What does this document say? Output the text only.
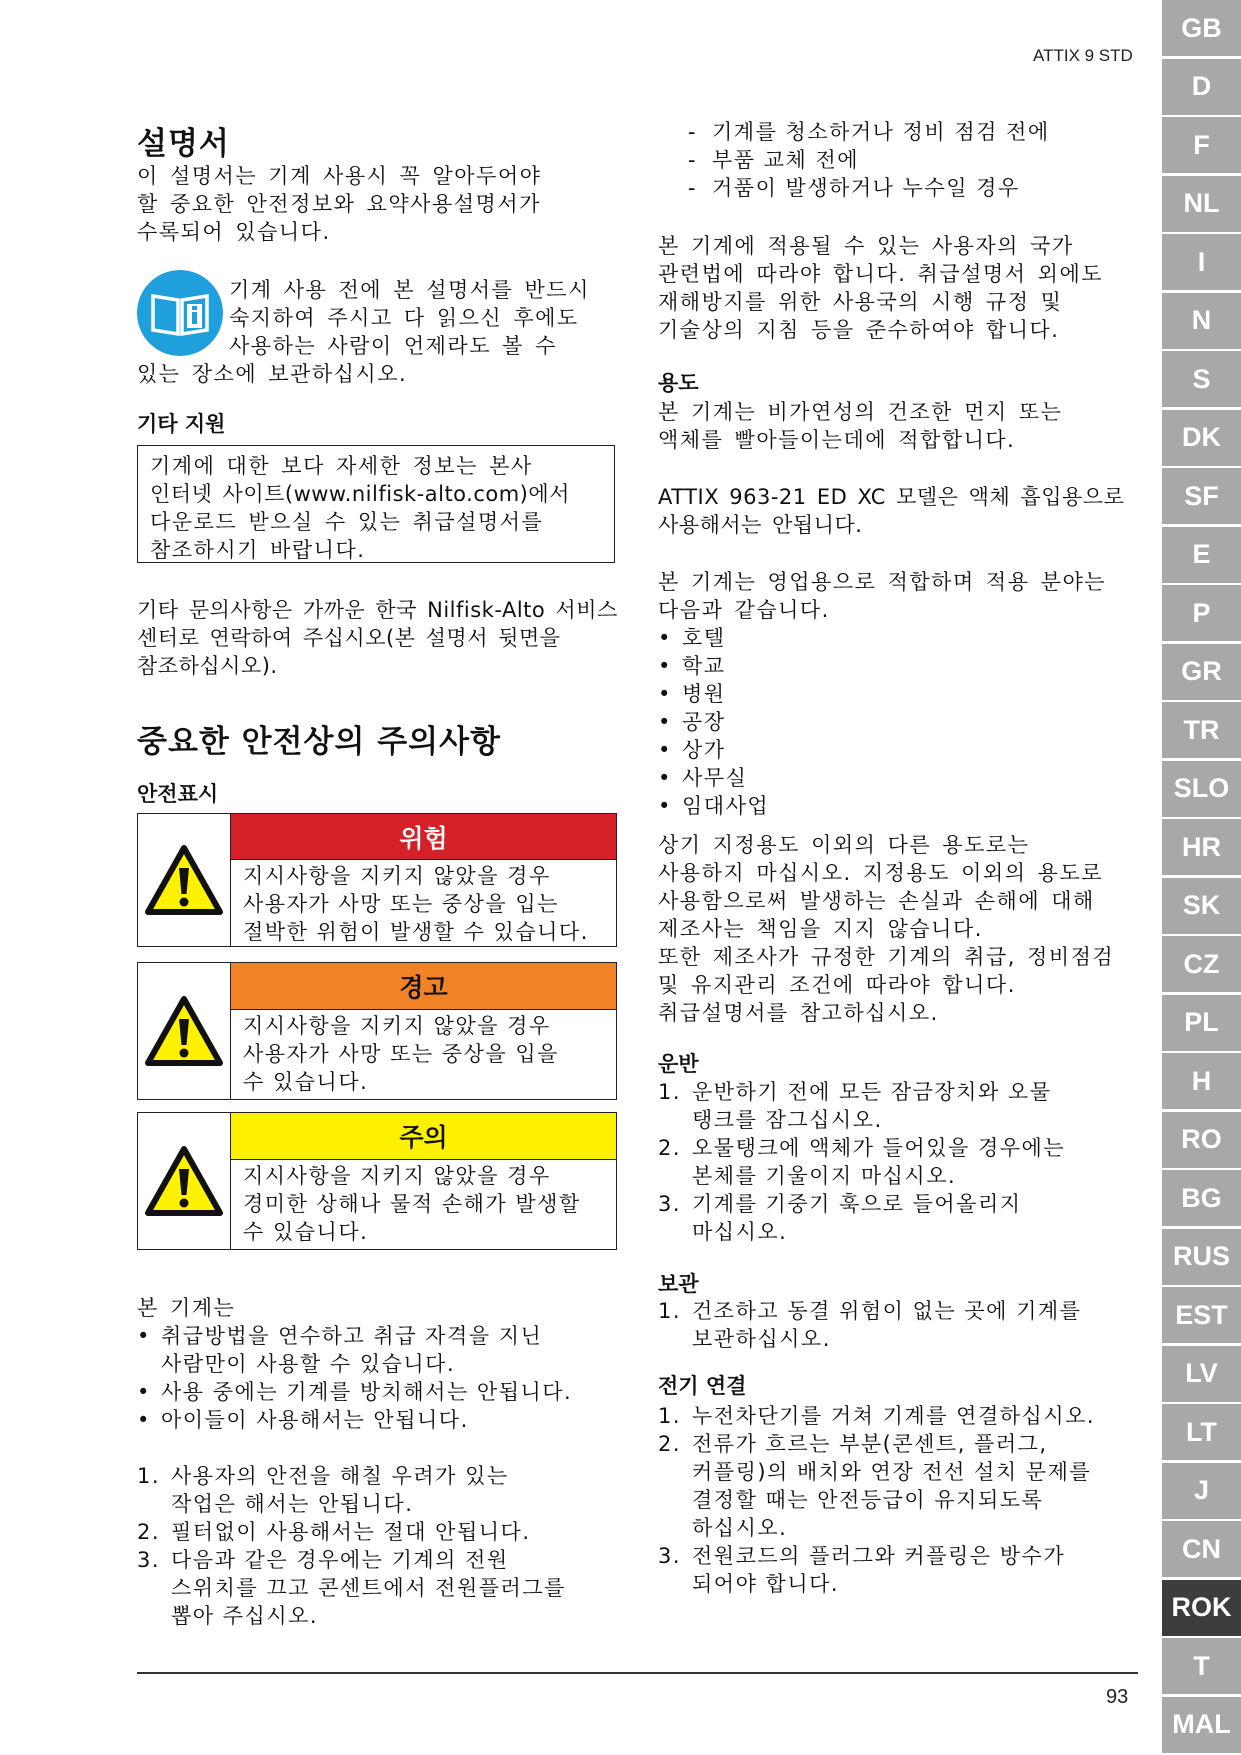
ATTIX 9 STD
GB
D
F
NL
I
N
S
DK
SF
E
P
GR
TR
SLO
HR
SK
CZ
PL
H
RO
BG
RUS
EST
LV
LT
J
CN
ROK
T
MAL
설명서
이 설명서는 기계 사용시 꼭 알아두어야
할 중요한 안전정보와 요약사용설명서가
수록되어 있습니다.
기계 사용 전에 본 설명서를 반드시
숙지하여 주시고 다 읽으신 후에도
사용하는 사람이 언제라도 볼 수
있는 장소에 보관하십시오.
기타 지원
기계에 대한 보다 자세한 정보는 본사
인터넷 사이트(www.nilfisk-alto.com)에서
다운로드 받으실 수 있는 취급설명서를
참조하시기 바랍니다.
기타 문의사항은 가까운 한국 Nilfisk-Alto 서비스
센터로 연락하여 주십시오(본 설명서 뒷면을
참조하십시오).
중요한 안전상의 주의사항
안전표시
위험
지시사항을 지키지 않았을 경우
사용자가 사망 또는 중상을 입는
절박한 위험이 발생할 수 있습니다.
경고
지시사항을 지키지 않았을 경우
사용자가 사망 또는 중상을 입을
수 있습니다.
주의
지시사항을 지키지 않았을 경우
경미한 상해나 물적 손해가 발생할
수 있습니다.
본 기계는
• 취급방법을 연수하고 취급 자격을 지닌
사람만이 사용할 수 있습니다.
• 사용 중에는 기계를 방치해서는 안됩니다.
• 아이들이 사용해서는 안됩니다.
1. 사용자의 안전을 해칠 우려가 있는
작업은 해서는 안됩니다.
2. 필터없이 사용해서는 절대 안됩니다.
3. 다음과 같은 경우에는 기계의 전원
스위치를 끄고 콘센트에서 전원플러그를
뽑아 주십시오.
- 기계를 청소하거나 정비 점검 전에
- 부품 교체 전에
- 거품이 발생하거나 누수일 경우
본 기계에 적용될 수 있는 사용자의 국가
관련법에 따라야 합니다. 취급설명서 외에도
재해방지를 위한 사용국의 시행 규정 및
기술상의 지침 등을 준수하여야 합니다.
용도
본 기계는 비가연성의 건조한 먼지 또는
액체를 빨아들이는데에 적합합니다.
ATTIX 963-21 ED XC 모델은 액체 흡입용으로
사용해서는 안됩니다.
본 기계는 영업용으로 적합하며 적용 분야는
다음과 같습니다.
• 호텔
• 학교
• 병원
• 공장
• 상가
• 사무실
• 임대사업
상기 지정용도 이외의 다른 용도로는
사용하지 마십시오. 지정용도 이외의 용도로
사용함으로써 발생하는 손실과 손해에 대해
제조사는 책임을 지지 않습니다.
또한 제조사가 규정한 기계의 취급, 정비점검
및 유지관리 조건에 따라야 합니다.
취급설명서를 참고하십시오.
운반
1. 운반하기 전에 모든 잠금장치와 오물
탱크를 잠그십시오.
2. 오물탱크에 액체가 들어있을 경우에는
본체를 기울이지 마십시오.
3. 기계를 기중기 훅으로 들어올리지
마십시오.
보관
1. 건조하고 동결 위험이 없는 곳에 기계를
보관하십시오.
전기 연결
1. 누전차단기를 거쳐 기계를 연결하십시오.
2. 전류가 흐르는 부분(콘센트, 플러그,
커플링)의 배치와 연장 전선 설치 문제를
결정할 때는 안전등급이 유지되도록
하십시오.
3. 전원코드의 플러그와 커플링은 방수가
되어야 합니다.
93
